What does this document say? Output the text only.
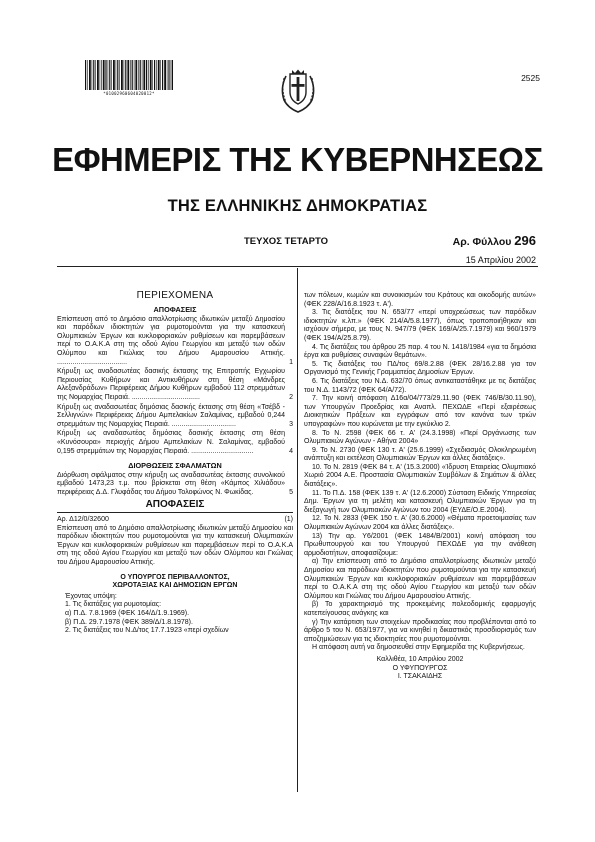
*01002960604020012*
2525
ΕΦΗΜΕΡΙΣ ΤΗΣ ΚΥΒΕΡΝΗΣΕΩΣ
ΤΗΣ ΕΛΛΗΝΙΚΗΣ ΔΗΜΟΚΡΑΤΙΑΣ
ΤΕΥΧΟΣ ΤΕΤΑΡΤΟ	Αρ. Φύλλου 296
15 Απριλίου 2002
ΠΕΡΙΕΧΟΜΕΝΑ
ΑΠΟΦΑΣΕΙΣ
Επίσπευση από το Δημόσιο απαλλοτρίωσης ιδιωτικών μεταξύ Δημοσίου και παρόδιων ιδιοκτητών για ρυμοτομούνται για την κατασκευή Ολυμπιακών Έργων και κυκλοφοριακών ρυθμίσεων και παρεμβάσεων περί το Ο.Α.Κ.Α στη της οδού Αγίου Γεωργίου και μεταξύ των οδών Ολύμπου και Γκώλιας του Δήμου Αμαρουσίου Αττικής. ....................................	1
Κήρυξη ως αναδασωτέας δασικής έκτασης της Επιτροπής Εγχωρίου Περιουσίας Κυθήρων και Αντικυθήρων στη θέση «Μάνδρες Αλεξανδράδων» Περιφέρειας Δήμου Κυθήρων εμβαδού 112 στρεμμάτων της Νομαρχίας Πειραιά. ...................................	2
Κήρυξη ως αναδασωτέας δημόσιας δασικής έκτασης στη θέση «Τσέβδ - Σελλιγνών» Περιφέρειας Δήμου Αμπελακίων Σαλαμίνας, εμβαδού 0,244 στρεμμάτων της Νομαρχίας Πειραιά. .................................	3
Κήρυξη ως αναδασωτέας δημόσιας δασικής έκτασης στη θέση «Κυνόσουρα» περιοχής Δήμου Αμπελακίων Ν. Σαλαμίνας, εμβαδού 0,195 στρεμμάτων της Νομαρχίας Πειραιά. ................................	4
ΔΙΟΡΘΩΣΕΙΣ ΣΦΑΛΜΑΤΩΝ
Διόρθωση σφάλματος στην κήρυξη ως αναδασωτέας έκτασης συνολικού εμβαδού 1473,23 τ.μ. που βρίσκεται στη θέση «Κάμπος Χιλιάδου» περιφέρειας Δ.Δ. Γλυφάδας του Δήμου Τολοφώνος Ν. Φωκίδας.	5
ΑΠΟΦΑΣΕΙΣ
Αρ. Δ12/0/32600	(1)
Επίσπευση από το Δημόσιο απαλλοτρίωσης ιδιωτικών μεταξύ Δημοσίου και παρόδιων ιδιοκτητών που ρυμοτομούνται για την κατασκευή Ολυμπιακών Έργων και κυκλοφοριακών ρυθμίσεων και παρεμβάσεων περί το Ο.Α.Κ.Α στη της οδού Αγίου Γεωργίου και μεταξύ των οδών Ολύμπου και Γκώλιας του Δήμου Αμαρουσίου Αττικής.
Ο ΥΠΟΥΡΓΟΣ ΠΕΡΙΒΑΛΛΟΝΤΟΣ,
ΧΩΡΟΤΑΞΙΑΣ ΚΑΙ ΔΗΜΟΣΙΩΝ ΕΡΓΩΝ
Έχοντας υπόψη:
1. Τις διατάξεις για ρυμοτομίας:
α) Π.Δ. 7.8.1969 (ΦΕΚ 164/Δ/1.9.1969).
β) Π.Δ. 29.7.1978 (ΦΕΚ 389/Δ/1.8.1978).
2. Τις διατάξεις του Ν.Δ/τος 17.7.1923 «περί σχεδίων
των πόλεων, κωμών και συνοικισμών του Κράτους και οικοδομής αυτών» (ΦΕΚ 228/Α/16.8.1923 τ. Α').
3. Τις διατάξεις του Ν. 653/77 «περί υποχρεώσεως των παρόδιων ιδιοκτητών κ.λπ.» (ΦΕΚ 214/Α/5.8.1977), όπως τροποποιήθηκαν και ισχύουν σήμερα, με τους Ν. 947/79 (ΦΕΚ 169/Α/25.7.1979) και 960/1979 (ΦΕΚ 194/Α/25.8.79).
4. Τις διατάξεις του άρθρου 25 παρ. 4 του Ν. 1418/1984 «για τα δημόσια έργα και ρυθμίσεις συναφών θεμάτων».
5. Τις διατάξεις του ΠΔ/τος 69/8.2.88 (ΦΕΚ 28/16.2.88 για τον Οργανισμό της Γενικής Γραμματείας Δημοσίων Έργων.
6. Τις διατάξεις του Ν.Δ. 632/70 όπως αντικαταστάθηκε με τις διατάξεις του Ν.Δ. 1143/72 (ΦΕΚ 64/Α/72).
7. Την κοινή απόφαση Δ16α/04/773/29.11.90 (ΦΕΚ 746/Β/30.11.90), των Υπουργών Προεδρίας και Αναπλ. ΠΕΧΩΔΕ «Περί εξαιρέσεως Διοικητικών Πράξεων και εγγράφων από τον κανόνα των τριών υπογραφών» που κυρώνεται με την εγκύκλιο 2.
8. Το Ν. 2598 (ΦΕΚ 66 τ. Α' (24.3.1998) «Περί Οργάνωσης των Ολυμπιακών Αγώνων - Αθήνα 2004»
9. Το Ν. 2730 (ΦΕΚ 130 τ. Α' (25.6.1999) «Σχεδιασμός Ολοκληρωμένη ανάπτυξη και εκτέλεση Ολυμπιακών Έργων και άλλες διατάξεις».
10. Το Ν. 2819 (ΦΕΚ 84 τ. Α' (15.3.2000) «Ίδρυση Εταιρείας Ολυμπιακό Χωριό 2004 Α.Ε. Προστασία Ολυμπιακών Συμβόλων & Σημάτων & άλλες διατάξεις».
11. Το Π.Δ. 158 (ΦΕΚ 139 τ. Α' (12.6.2000) Σύσταση Ειδικής Υπηρεσίας Δημ. Έργων για τη μελέτη και κατασκευή Ολυμπιακών Έργων για τη διεξαγωγή των Ολυμπιακών Αγώνων του 2004 (ΕΥΔΕ/Ο.Ε.2004).
12. Το Ν. 2833 (ΦΕΚ 150 τ. Α' (30.6.2000) «Θέματα προετοιμασίας των Ολυμπιακών Αγώνων 2004 και άλλες διατάξεις».
13) Την αρ. Υ6/2001 (ΦΕΚ 1484/Β/2001) κοινή απόφαση του Πρωθυπουργού και του Υπουργού ΠΕΧΩΔΕ για την ανάθεση αρμοδιοτήτων, αποφασίζουμε:
α) Την επίσπευση από το Δημόσιο απαλλοτρίωσης ιδιωτικών μεταξύ Δημοσίου και παρόδιων ιδιοκτητών που ρυμοτομούνται για την κατασκευή Ολυμπιακών Έργων και κυκλοφοριακών ρυθμίσεων και παρεμβάσεων περί το Ο.Α.Κ.Α στη της οδού Αγίου Γεωργίου και μεταξύ των οδών Ολύμπου και Γκώλιας του Δήμου Αμαρουσίου Αττικής.
β) Το χαρακτηρισμό της προκειμένης πολεοδομικής εφαρμογής κατεπείγουσας ανάγκης και
γ) Την κατάρτιση των στοιχείων προδικασίας που προβλέπονται από το άρθρο 5 του Ν. 653/1977, για να κινηθεί η δικαστικός προσδιορισμός των αποζημιώσεων για τις ιδιοκτησίες που ρυμοτομούνται.
Η απόφαση αυτή να δημοσιευθεί στην Εφημερίδα της Κυβερνήσεως.
Καλλιθέα, 10 Απριλίου 2002
Ο ΥΦΥΠΟΥΡΓΟΣ
Ι. ΤΣΑΚΑΙΔΗΣ
